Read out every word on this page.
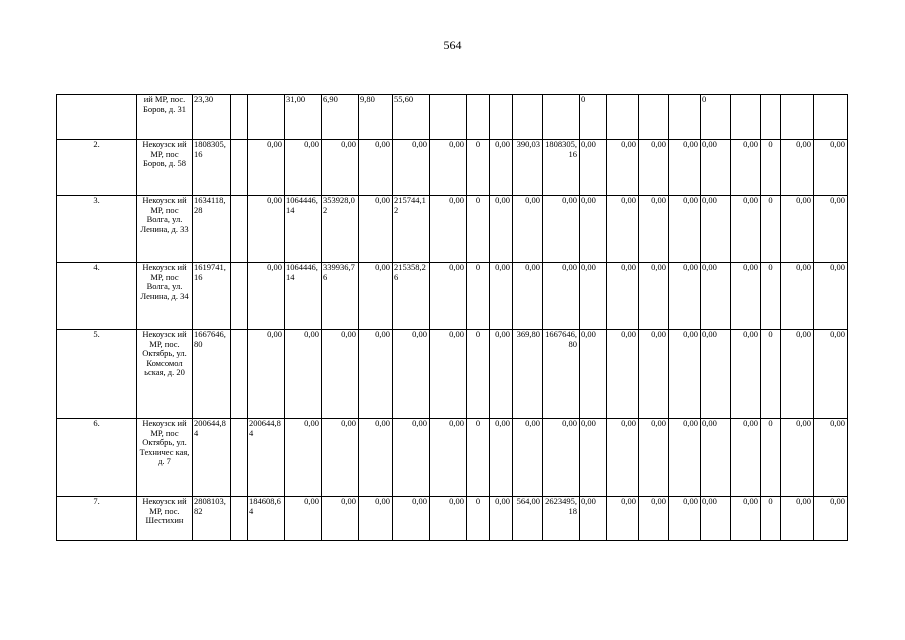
564
	ий МР, пос. Боров, д. 31	23,30			31,00	6,90	9,80	55,60						0				0				
2.	Некоузск ий МР, пос Боров, д. 58	1808305,16		0,00	0,00	0,00	0,00	0,00	0,00	0	0,00	390,03	1808305,16	0,00	0,00	0,00	0,00	0,00	0,00	0	0,00	0,00
3.	Некоузск ий МР, пос Волга, ул. Ленина, д. 33	1634118,28		0,00	1064446,14	353928,02	0,00	215744,12	0,00	0	0,00	0,00	0,00	0,00	0,00	0,00	0,00	0,00	0,00	0	0,00	0,00
4.	Некоузск ий МР, пос Волга, ул. Ленина, д. 34	1619741,16		0,00	1064446,14	339936,76	0,00	215358,26	0,00	0	0,00	0,00	0,00	0,00	0,00	0,00	0,00	0,00	0,00	0	0,00	0,00
5.	Некоузск ий МР, пос. Октябрь, ул. Комсомол ьская, д. 20	1667646,80		0,00	0,00	0,00	0,00	0,00	0,00	0	0,00	369,80	1667646,80	0,00	0,00	0,00	0,00	0,00	0,00	0	0,00	0,00
6.	Некоузск ий МР, пос Октябрь, ул. Техничес кая, д. 7	200644,84		200644,84	0,00	0,00	0,00	0,00	0,00	0	0,00	0,00	0,00	0,00	0,00	0,00	0,00	0,00	0,00	0	0,00	0,00
7.	Некоузск ий МР, пос. Шестихин	2808103,82		184608,64	0,00	0,00	0,00	0,00	0,00	0	0,00	564,00	2623495,18	0,00	0,00	0,00	0,00	0,00	0,00	0	0,00	0,00
